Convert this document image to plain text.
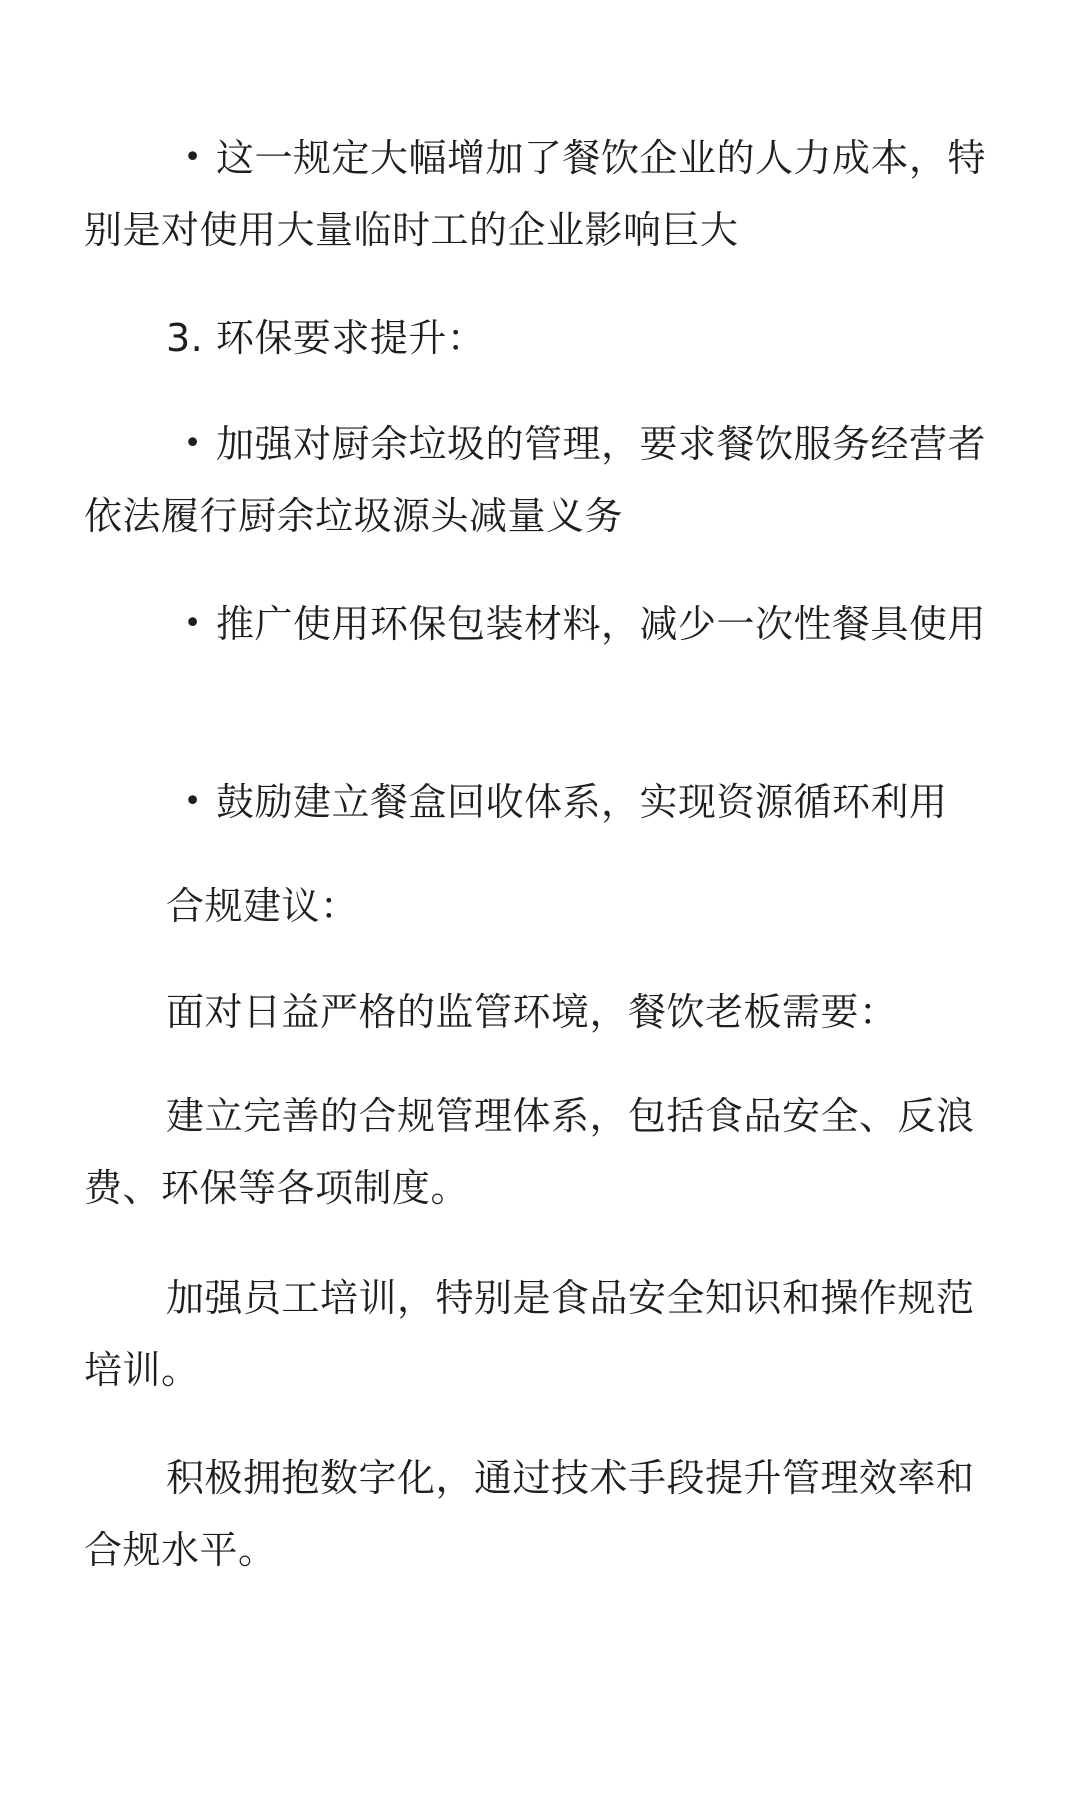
• 这一规定大幅增加了餐饮企业的人力成本，特别是对使用大量临时工的企业影响巨大

3. 环保要求提升：

• 加强对厨余垃圾的管理，要求餐饮服务经营者依法履行厨余垃圾源头减量义务

• 推广使用环保包装材料，减少一次性餐具使用

• 鼓励建立餐盒回收体系，实现资源循环利用

合规建议：

面对日益严格的监管环境，餐饮老板需要：

建立完善的合规管理体系，包括食品安全、反浪费、环保等各项制度。

加强员工培训，特别是食品安全知识和操作规范培训。

积极拥抱数字化，通过技术手段提升管理效率和合规水平。
